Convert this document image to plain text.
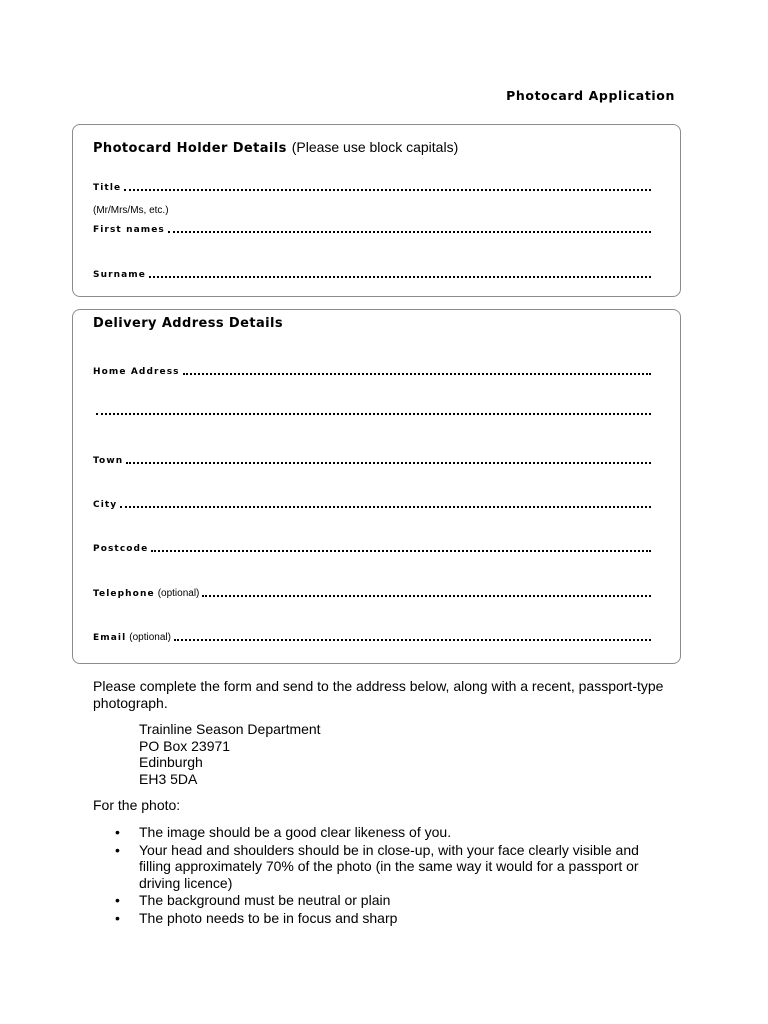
Photocard Application
Photocard Holder Details (Please use block capitals)
Title
(Mr/Mrs/Ms, etc.)
First names
Surname
Delivery Address Details
Home Address
Town
City
Postcode
Telephone (optional)
Email (optional)

Please complete the form and send to the address below, along with a recent, passport-type photograph.

Trainline Season Department
PO Box 23971
Edinburgh
EH3 5DA

For the photo:

• The image should be a good clear likeness of you.
• Your head and shoulders should be in close-up, with your face clearly visible and filling approximately 70% of the photo (in the same way it would for a passport or driving licence)
• The background must be neutral or plain
• The photo needs to be in focus and sharp
